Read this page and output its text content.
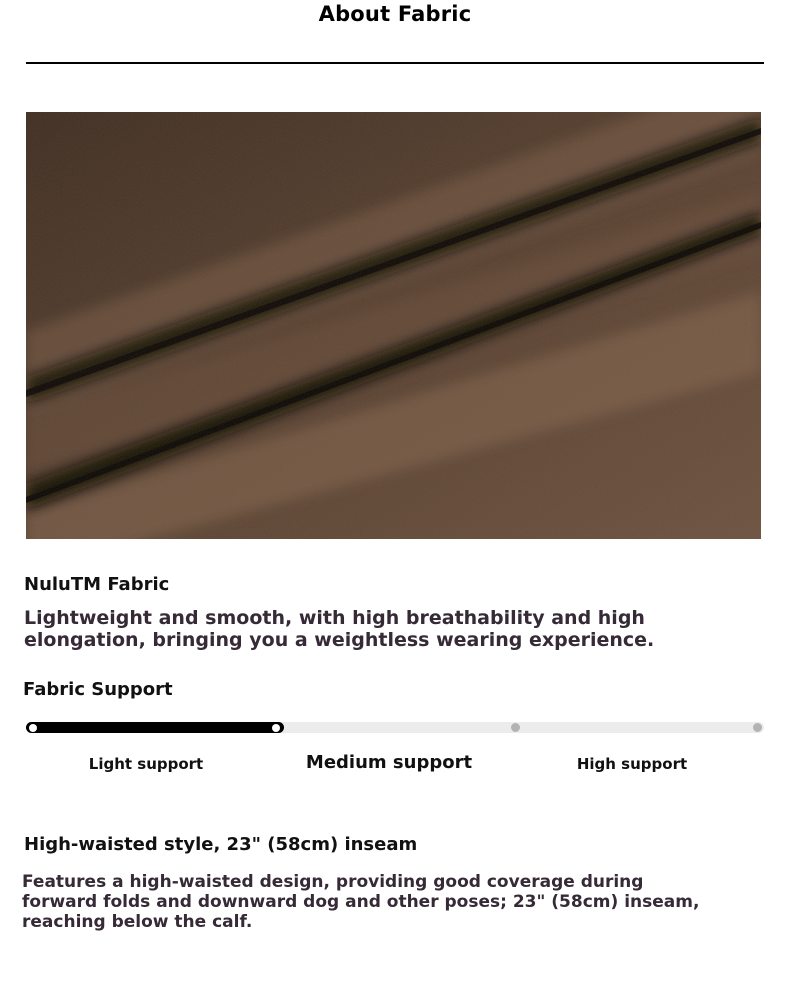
About Fabric
NuluTM Fabric
Lightweight and smooth, with high breathability and high elongation, bringing you a weightless wearing experience.
Fabric Support
Light support	Medium support	High support
High-waisted style, 23" (58cm) inseam
Features a high-waisted design, providing good coverage during forward folds and downward dog and other poses; 23" (58cm) inseam, reaching below the calf.
